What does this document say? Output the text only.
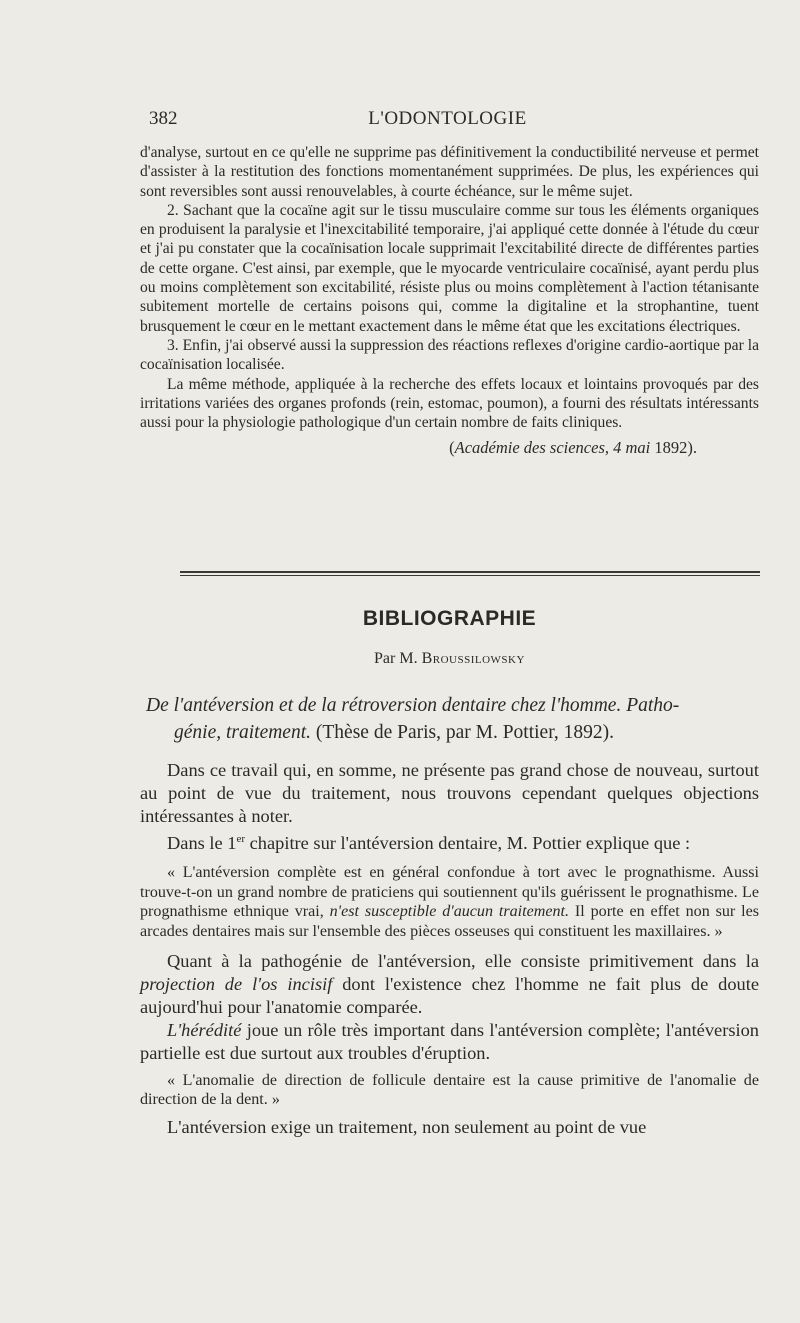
382	L'ODONTOLOGIE

d'analyse, surtout en ce qu'elle ne supprime pas définitivement la conductibilité nerveuse et permet d'assister à la restitution des fonctions momentanément supprimées. De plus, les expériences qui sont reversibles sont aussi renouvelables, à courte échéance, sur le même sujet.

2. Sachant que la cocaïne agit sur le tissu musculaire comme sur tous les éléments organiques en produisent la paralysie et l'inexcitabilité temporaire, j'ai appliqué cette donnée à l'étude du cœur et j'ai pu constater que la cocaïnisation locale supprimait l'excitabilité directe de différentes parties de cette organe. C'est ainsi, par exemple, que le myocarde ventriculaire cocaïnisé, ayant perdu plus ou moins complètement son excitabilité, résiste plus ou moins complètement à l'action tétanisante subitement mortelle de certains poisons qui, comme la digitaline et la strophantine, tuent brusquement le cœur en le mettant exactement dans le même état que les excitations électriques.

3. Enfin, j'ai observé aussi la suppression des réactions reflexes d'origine cardio-aortique par la cocaïnisation localisée.

La même méthode, appliquée à la recherche des effets locaux et lointains provoqués par des irritations variées des organes profonds (rein, estomac, poumon), a fourni des résultats intéressants aussi pour la physiologie pathologique d'un certain nombre de faits cliniques.

(Académie des sciences, 4 mai 1892).

BIBLIOGRAPHIE
Par M. Broussilowsky
De l'antéversion et de la rétroversion dentaire chez l'homme. Patho-
génie, traitement. (Thèse de Paris, par M. Pottier, 1892).

Dans ce travail qui, en somme, ne présente pas grand chose de nouveau, surtout au point de vue du traitement, nous trouvons cependant quelques objections intéressantes à noter.

Dans le 1er chapitre sur l'antéversion dentaire, M. Pottier explique que :

« L'antéversion complète est en général confondue à tort avec le prognathisme. Aussi trouve-t-on un grand nombre de praticiens qui soutiennent qu'ils guérissent le prognathisme. Le prognathisme ethnique vrai, n'est susceptible d'aucun traitement. Il porte en effet non sur les arcades dentaires mais sur l'ensemble des pièces osseuses qui constituent les maxillaires. »

Quant à la pathogénie de l'antéversion, elle consiste primitivement dans la projection de l'os incisif dont l'existence chez l'homme ne fait plus de doute aujourd'hui pour l'anatomie comparée.

L'hérédité joue un rôle très important dans l'antéversion complète; l'antéversion partielle est due surtout aux troubles d'éruption.

« L'anomalie de direction de follicule dentaire est la cause primitive de l'anomalie de direction de la dent. »

L'antéversion exige un traitement, non seulement au point de vue
